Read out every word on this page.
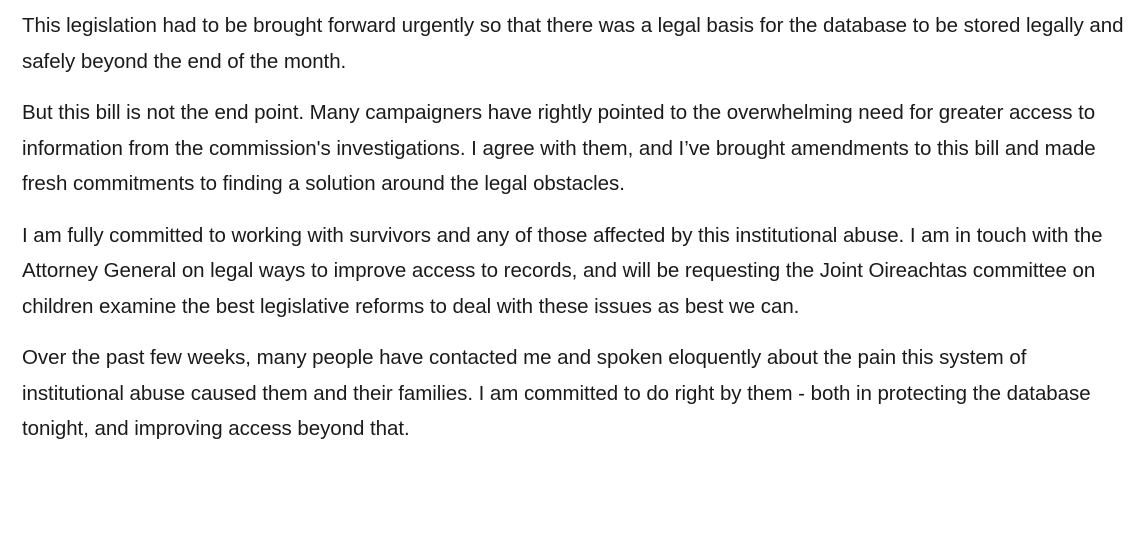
This legislation had to be brought forward urgently so that there was a legal basis for the database to be stored legally and safely beyond the end of the month.

But this bill is not the end point. Many campaigners have rightly pointed to the overwhelming need for greater access to information from the commission's investigations. I agree with them, and I’ve brought amendments to this bill and made fresh commitments to finding a solution around the legal obstacles.

I am fully committed to working with survivors and any of those affected by this institutional abuse. I am in touch with the Attorney General on legal ways to improve access to records, and will be requesting the Joint Oireachtas committee on children examine the best legislative reforms to deal with these issues as best we can.

Over the past few weeks, many people have contacted me and spoken eloquently about the pain this system of institutional abuse caused them and their families. I am committed to do right by them - both in protecting the database tonight, and improving access beyond that.
